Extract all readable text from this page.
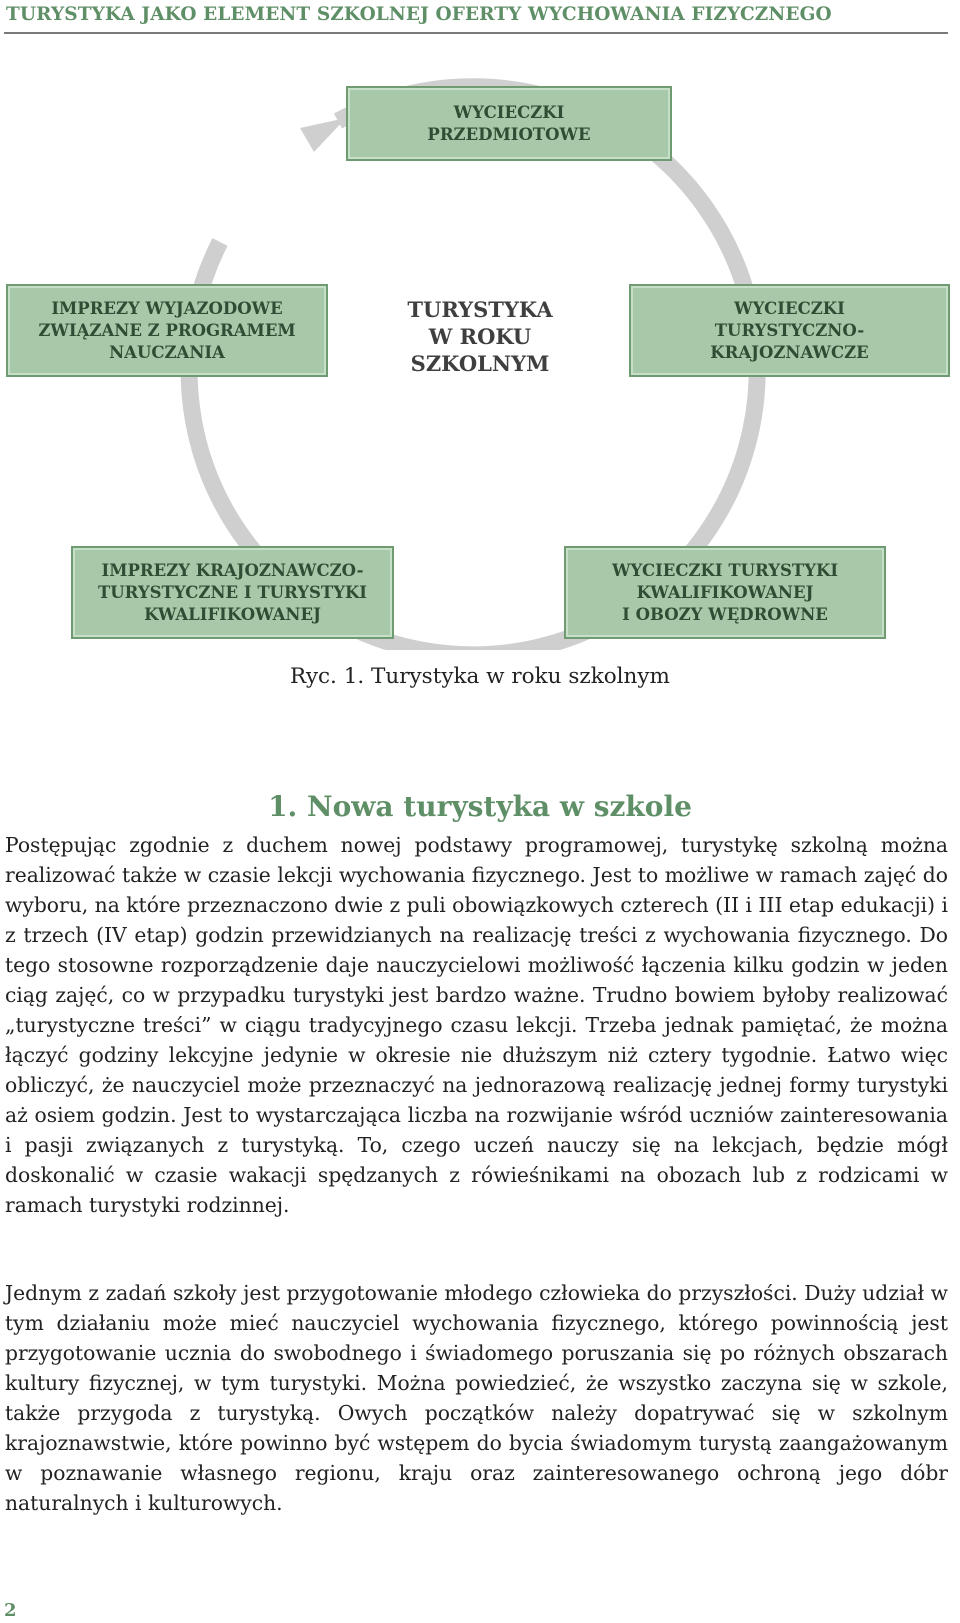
TURYSTYKA JAKO ELEMENT SZKOLNEJ OFERTY WYCHOWANIA FIZYCZNEGO
WYCIECZKI
PRZEDMIOTOWE
IMPREZY WYJAZODOWE
ZWIĄZANE Z PROGRAMEM
NAUCZANIA
WYCIECZKI
TURYSTYCZNO-
KRAJOZNAWCZE
IMPREZY KRAJOZNAWCZO-
TURYSTYCZNE I TURYSTYKI
KWALIFIKOWANEJ
WYCIECZKI TURYSTYKI
KWALIFIKOWANEJ
I OBOZY WĘDROWNE
TURYSTYKA
W ROKU
SZKOLNYM
Ryc. 1. Turystyka w roku szkolnym
1. Nowa turystyka w szkole
Postępując zgodnie z duchem nowej podstawy programowej, turystykę szkolną można realizować także w czasie lekcji wychowania fizycznego. Jest to możliwe w ramach zajęć do wyboru, na które przeznaczono dwie z puli obowiązkowych czterech (II i III etap edukacji) i z trzech (IV etap) godzin przewidzianych na realizację treści z wychowania fizycznego. Do tego stosowne rozporządzenie daje nauczycielowi możliwość łączenia kilku godzin w jeden ciąg zajęć, co w przypadku turystyki jest bardzo ważne. Trudno bowiem byłoby realizować „turystyczne treści” w ciągu tradycyjnego czasu lekcji. Trzeba jednak pamiętać, że można łączyć godziny lekcyjne jedynie w okresie nie dłuższym niż cztery tygodnie. Łatwo więc obliczyć, że nauczyciel może przeznaczyć na jednorazową realizację jednej formy turystyki aż osiem godzin. Jest to wystarczająca liczba na rozwijanie wśród uczniów zainteresowania i pasji związanych z turystyką. To, czego uczeń nauczy się na lekcjach, będzie mógł doskonalić w czasie wakacji spędzanych z rówieśnikami na obozach lub z rodzicami w ramach turystyki rodzinnej.
Jednym z zadań szkoły jest przygotowanie młodego człowieka do przyszłości. Duży udział w tym działaniu może mieć nauczyciel wychowania fizycznego, którego powinnością jest przygotowanie ucznia do swobodnego i świadomego poruszania się po różnych obszarach kultury fizycznej, w tym turystyki. Można powiedzieć, że wszystko zaczyna się w szkole, także przygoda z turystyką. Owych początków należy dopatrywać się w szkolnym krajoznawstwie, które powinno być wstępem do bycia świadomym turystą zaangażowanym w poznawanie własnego regionu, kraju oraz zainteresowanego ochroną jego dóbr naturalnych i kulturowych.
2
